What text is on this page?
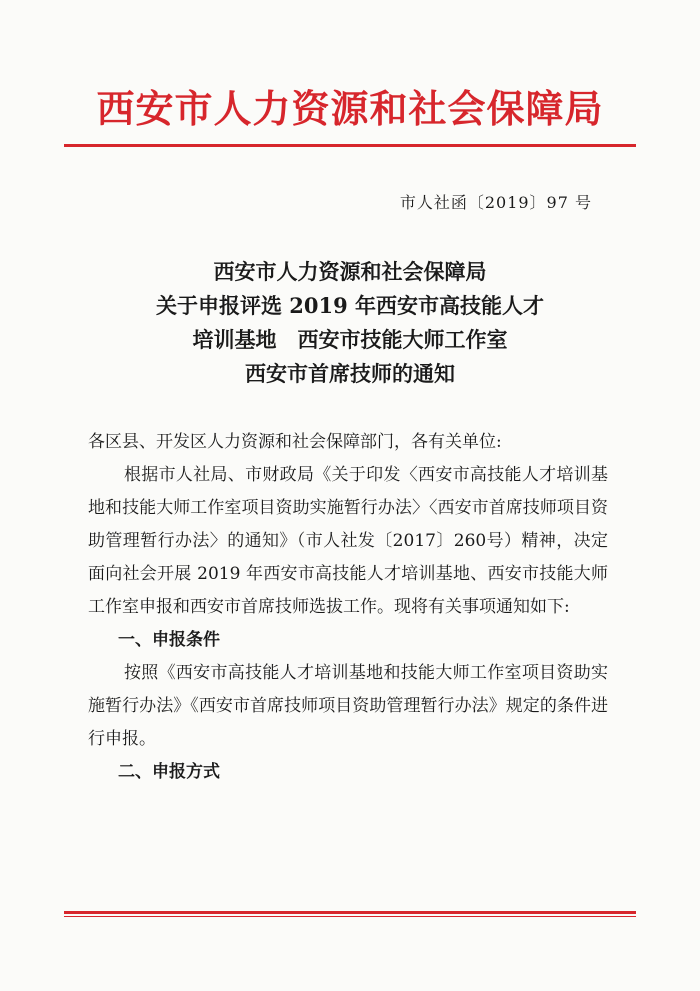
西安市人力资源和社会保障局
市人社函〔2019〕97 号
西安市人力资源和社会保障局
关于申报评选 2019 年西安市高技能人才
培训基地　西安市技能大师工作室
西安市首席技师的通知
各区县、开发区人力资源和社会保障部门，各有关单位:
根据市人社局、市财政局《关于印发〈西安市高技能人才培训基地和技能大师工作室项目资助实施暂行办法〉〈西安市首席技师项目资助管理暂行办法〉的通知》（市人社发〔2017〕260号）精神，决定面向社会开展 2019 年西安市高技能人才培训基地、西安市技能大师工作室申报和西安市首席技师选拔工作。现将有关事项通知如下:
一、申报条件
按照《西安市高技能人才培训基地和技能大师工作室项目资助实施暂行办法》《西安市首席技师项目资助管理暂行办法》规定的条件进行申报。
二、申报方式
